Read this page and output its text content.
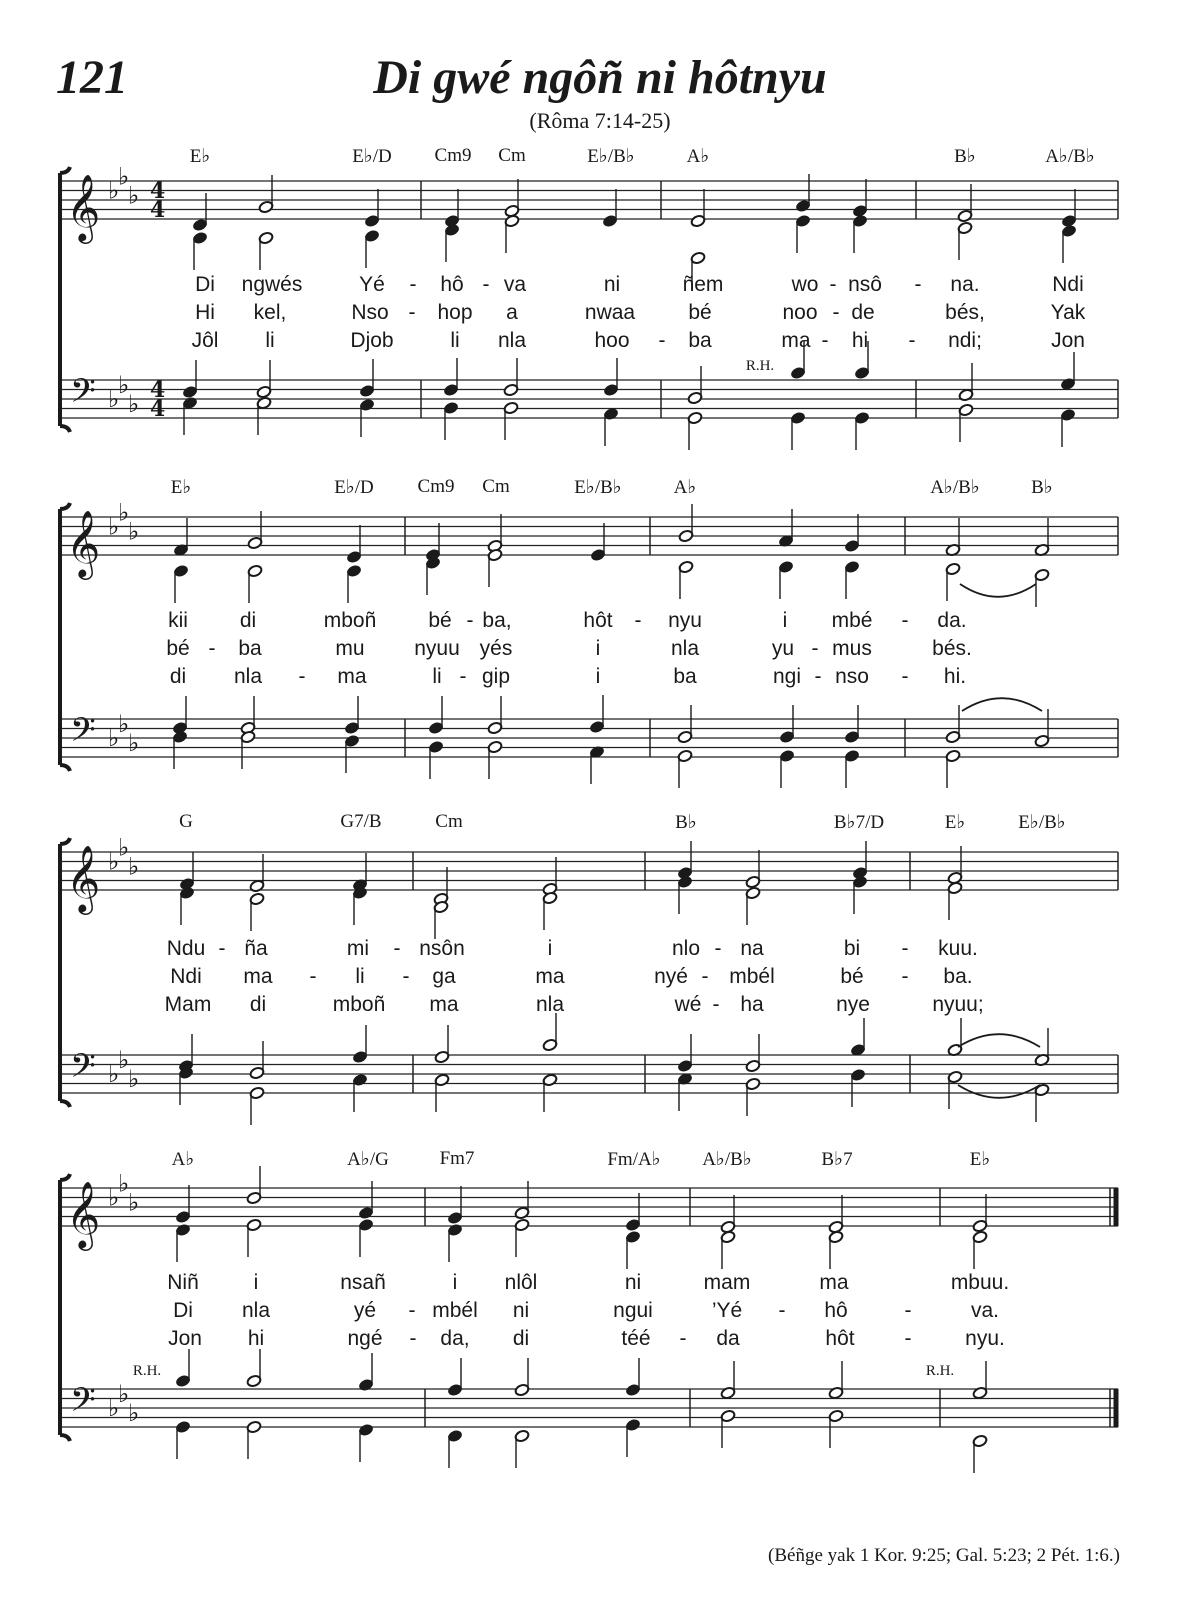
121	Di gwé ngôñ ni hôtnyu
(Rôma 7:14-25)
𝄞
𝄢
♭
♭
♭
♭
♭
♭
4
4
4
4
𝄞
𝄢
♭
♭
♭
♭
♭
♭
𝄞
𝄢
♭
♭
♭
♭
♭
♭
𝄞
𝄢
♭
♭
♭
♭
♭
♭
E♭	E♭/D Cm9 Cm	E♭/B♭	A♭	B♭	A♭/B♭
Di ngwés	Yé - hô - va	ni	ñem	wo - nsô - na.	Ndi
Hi kel,	Nso - hop a	nwaa	bé	noo - de	bés,	Yak
Jôl li	Djob	li nla	hoo - ba	ma - hi - ndi;	Jon
R.H.
E♭	E♭/D Cm9 Cm	E♭/B♭	A♭	A♭/B♭	B♭
kii di	mboñ bé - ba,	hôt - nyu	i mbé - da.
bé - ba	mu nyuu yés	i	nla	yu - mus	bés.
di nla - ma	li - gip	i	ba	ngi - nso - hi.
G	G7/B	Cm	B♭	B♭7/D	E♭	E♭/B♭
Ndu - ña	mi - nsôn	i	nlo - na	bi - kuu.
Ndi ma - li - ga	ma	nyé - mbél	bé - ba.
Mam di	mboñ ma	nla	wé - ha	nye	nyuu;
A♭	A♭/G	Fm7	Fm/A♭ A♭/B♭	B♭7	E♭
Niñ	i	nsañ	i nlôl	ni	mam	ma	mbuu.
Di nla	yé - mbél ni	ngui	’Yé - hô	-	va.
Jon hi	ngé - da, di	téé - da	hôt -	nyu.
R.H.	R.H.
(Béñge yak 1 Kor. 9:25; Gal. 5:23; 2 Pét. 1:6.)
